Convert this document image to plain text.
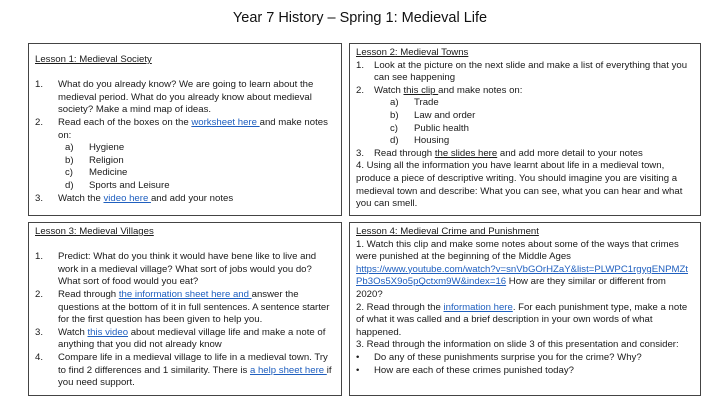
Year 7 History – Spring 1: Medieval Life
Lesson 1: Medieval Society
1. What do you already know? We are going to learn about the medieval period. What do you already know about medieval society? Make a mind map of ideas.
2. Read each of the boxes on the worksheet here and make notes on:
a) Hygiene
b) Religion
c) Medicine
d) Sports and Leisure
3. Watch the video here and add your notes
Lesson 2: Medieval Towns
1. Look at the picture on the next slide and make a list of everything that you can see happening
2. Watch this clip and make notes on:
a) Trade
b) Law and order
c) Public health
d) Housing
3. Read through the slides here and add more detail to your notes
4. Using all the information you have learnt about life in a medieval town, produce a piece of descriptive writing. You should imagine you are visiting a medieval town and describe: What you can see, what you can hear and what you can smell.
Lesson 3: Medieval Villages
1. Predict: What do you think it would have bene like to live and work in a medieval village? What sort of jobs would you do? What sort of food would you eat?
2. Read through the information sheet here and answer the questions at the bottom of it in full sentences. A sentence starter for the first question has been given to help you.
3. Watch this video about medieval village life and make a note of anything that you did not already know
4. Compare life in a medieval village to life in a medieval town. Try to find 2 differences and 1 similarity. There is a help sheet here if you need support.
Lesson 4: Medieval Crime and Punishment
1. Watch this clip and make some notes about some of the ways that crimes were punished at the beginning of the Middle Ages
https://www.youtube.com/watch?v=snVbGOrHZaY&list=PLWPC1rgygENPMZtPb3Os5X9o5pQctxm9W&index=16 How are they similar or different from 2020?
2. Read through the information here. For each punishment type, make a note of what it was called and a brief description in your own words of what happened.
3. Read through the information on slide 3 of this presentation and consider:
• Do any of these punishments surprise you for the crime? Why?
• How are each of these crimes punished today?
